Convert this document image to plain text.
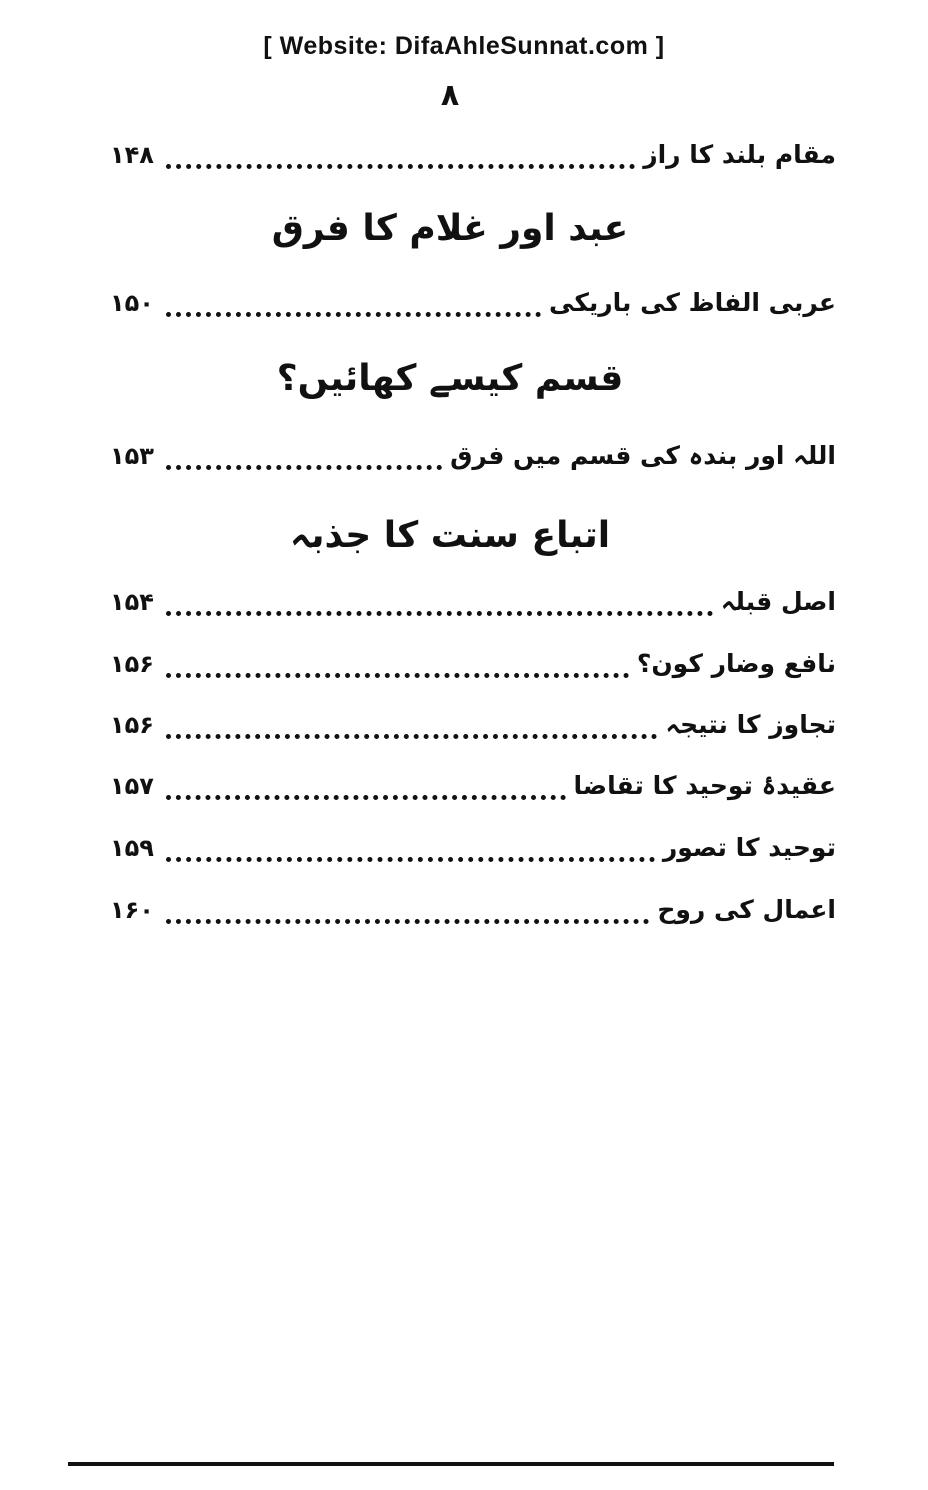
[ Website: DifaAhleSunnat.com ]
۸
مقام بلند کا راز
۱۴۸
عبد اور غلام کا فرق
عربی الفاظ کی باریکی
۱۵۰
قسم کیسے کھائیں؟
اللہ اور بندہ کی قسم میں فرق
۱۵۳
اتباع سنت کا جذبہ
اصل قبلہ
۱۵۴
نافع وضار کون؟
۱۵۶
تجاوز کا نتیجہ
۱۵۶
عقیدۂ توحید کا تقاضا
۱۵۷
توحید کا تصور
۱۵۹
اعمال کی روح
۱۶۰
